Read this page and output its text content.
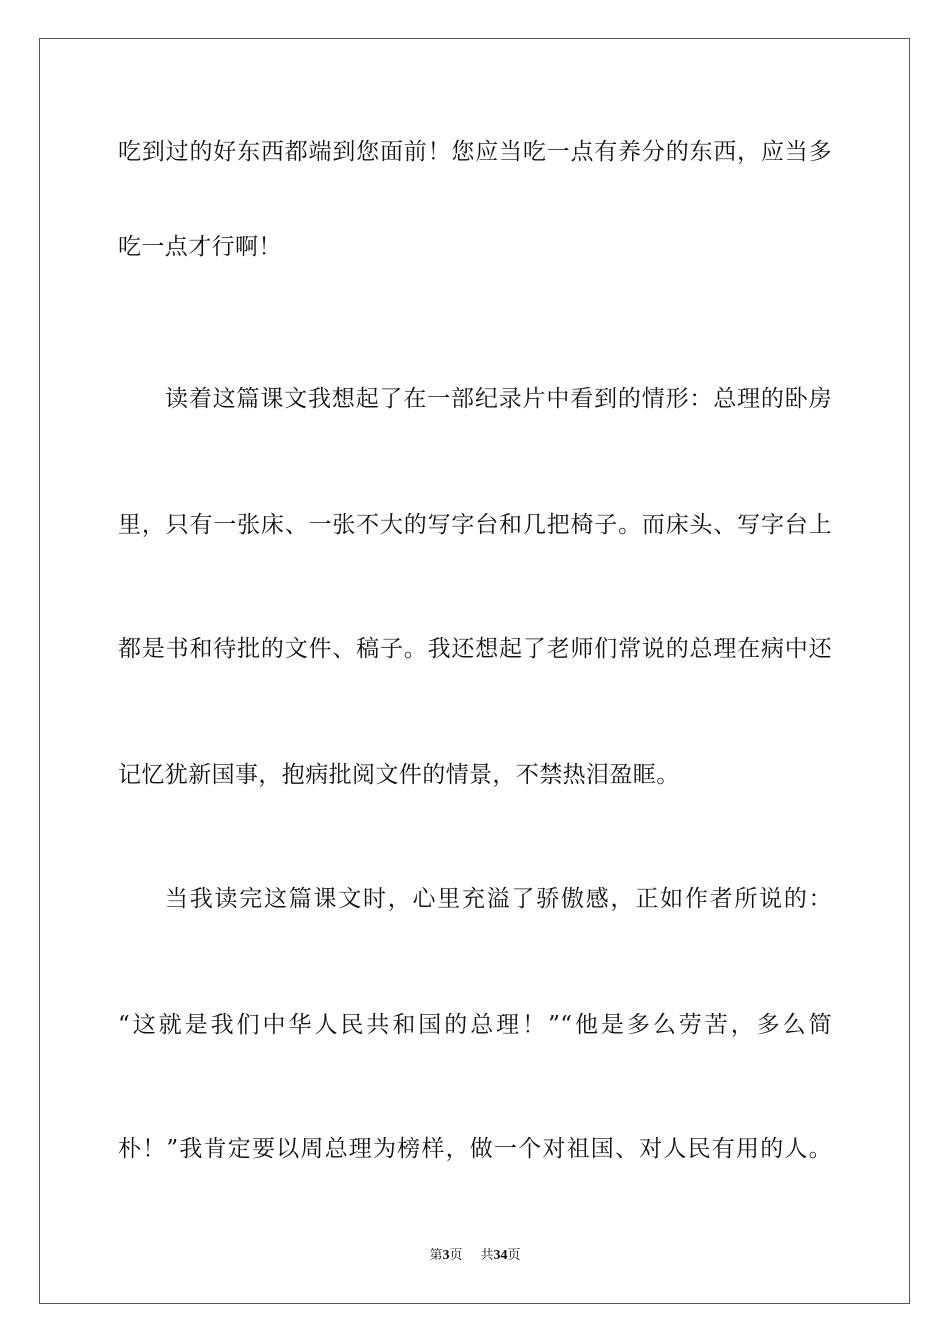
吃到过的好东西都端到您面前！您应当吃一点有养分的东西，应当多
吃一点才行啊！
读着这篇课文我想起了在一部纪录片中看到的情形：总理的卧房
里，只有一张床、一张不大的写字台和几把椅子。而床头、写字台上
都是书和待批的文件、稿子。我还想起了老师们常说的总理在病中还
记忆犹新国事，抱病批阅文件的情景，不禁热泪盈眶。
当我读完这篇课文时，心里充溢了骄傲感，正如作者所说的：
“这就是我们中华人民共和国的总理！”“他是多么劳苦，多么简
朴！”我肯定要以周总理为榜样，做一个对祖国、对人民有用的人。
第3页 共34页
